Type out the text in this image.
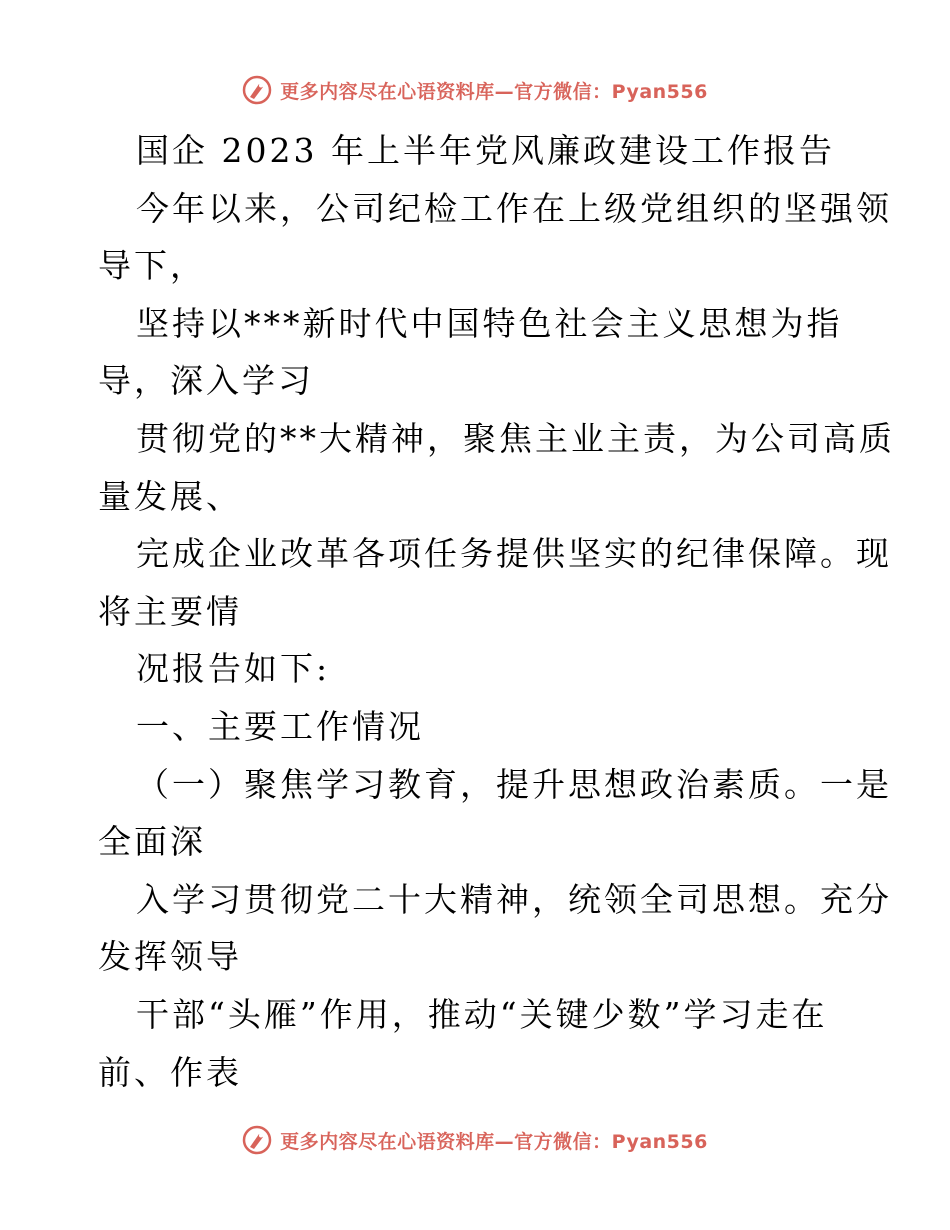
更多内容尽在心语资料库—官方微信：Pyan556
国企 2023 年上半年党风廉政建设工作报告
今年以来，公司纪检工作在上级党组织的坚强领
导下，
坚持以***新时代中国特色社会主义思想为指
导，深入学习
贯彻党的**大精神，聚焦主业主责，为公司高质
量发展、
完成企业改革各项任务提供坚实的纪律保障。现
将主要情
况报告如下:
一、主要工作情况
（一）聚焦学习教育，提升思想政治素质。一是
全面深
入学习贯彻党二十大精神，统领全司思想。充分
发挥领导
干部“头雁”作用，推动“关键少数”学习走在
前、作表
更多内容尽在心语资料库—官方微信：Pyan556
